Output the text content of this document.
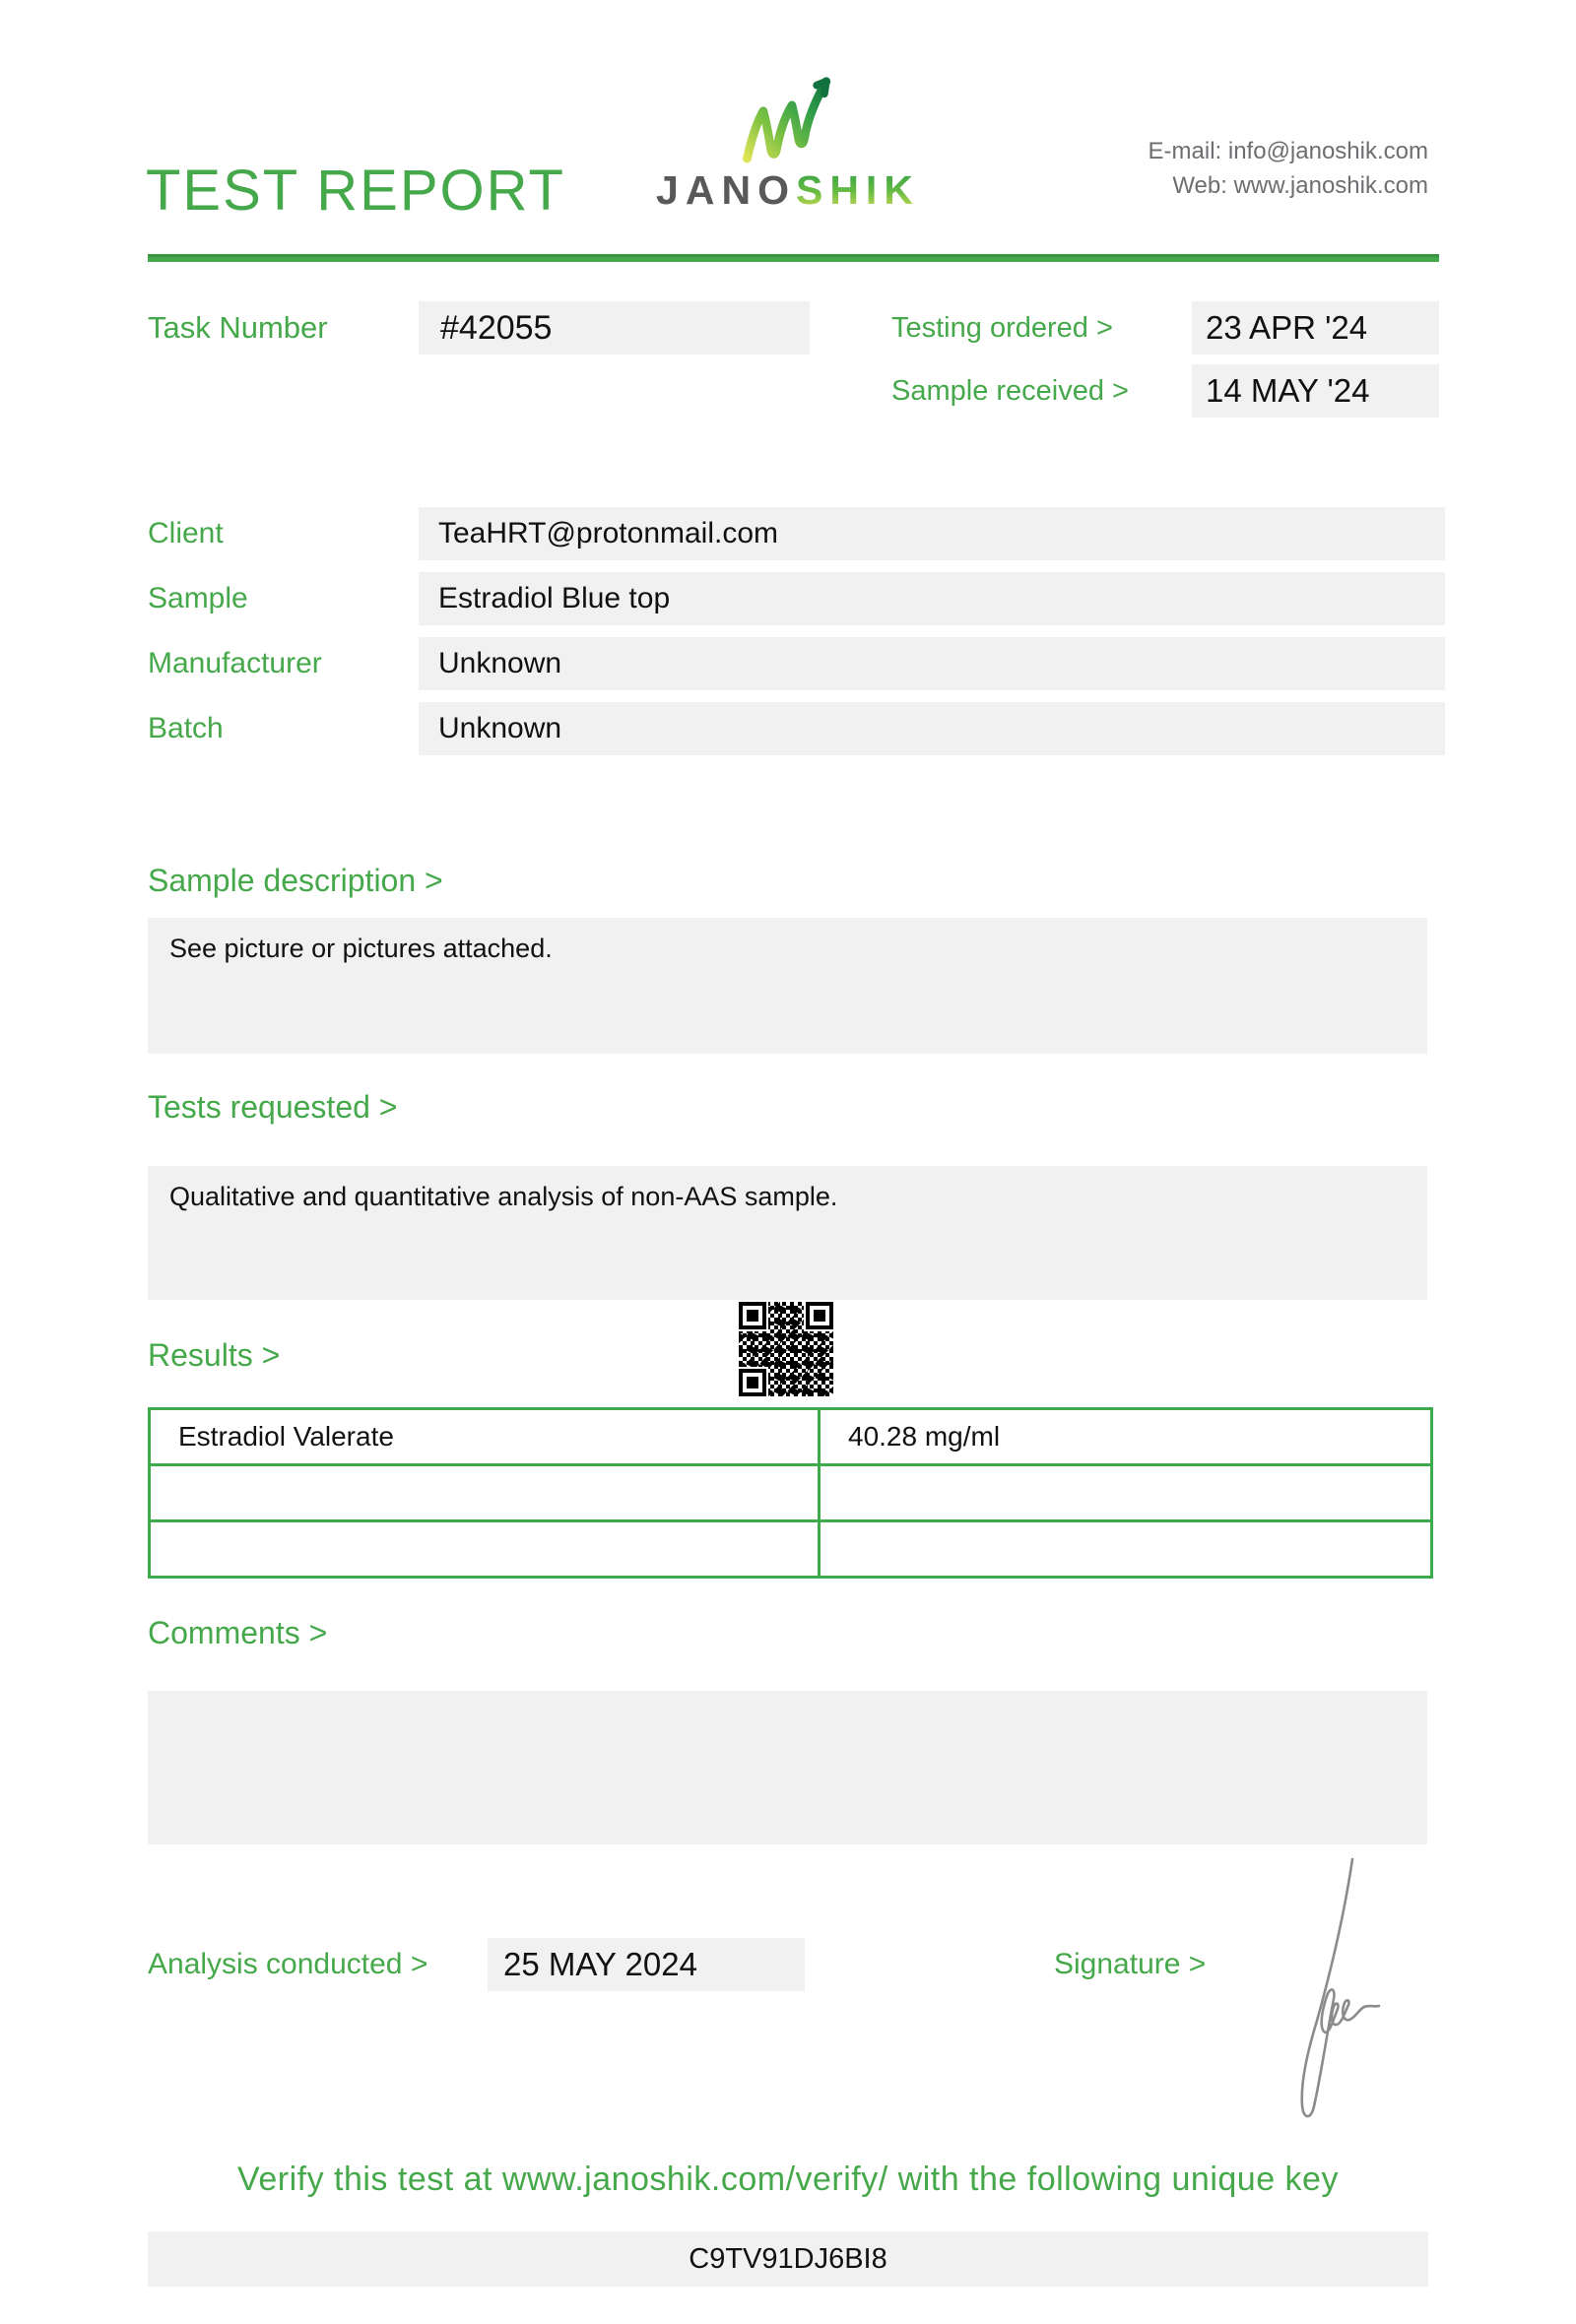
TEST REPORT	JANOSHIK
E-mail: info@janoshik.com
Web: www.janoshik.com
Task Number	#42055	Testing ordered >	23 APR '24
Sample received >	14 MAY '24
Client	TeaHRT@protonmail.com
Sample	Estradiol Blue top
Manufacturer	Unknown
Batch	Unknown
Sample description >
See picture or pictures attached.
Tests requested >
Qualitative and quantitative analysis of non-AAS sample.
Results >
Estradiol Valerate	40.28 mg/ml
Comments >
Analysis conducted >	25 MAY 2024	Signature >
Verify this test at www.janoshik.com/verify/ with the following unique key
C9TV91DJ6BI8
